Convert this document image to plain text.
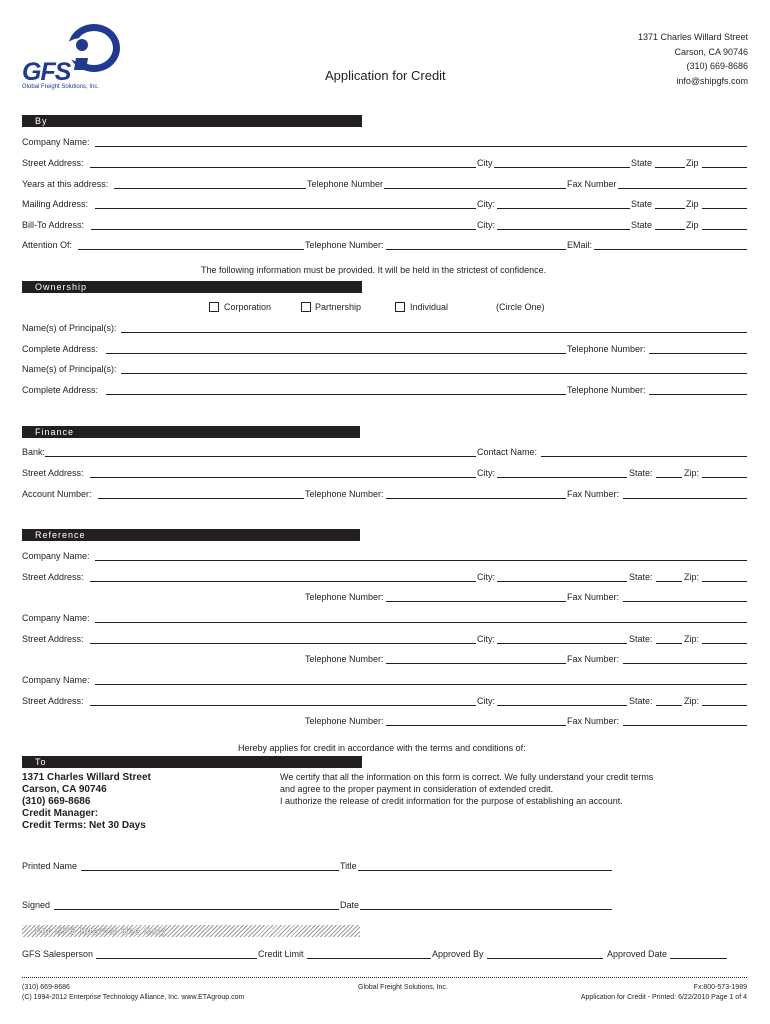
GFS
Global Freight Solutions, Inc.
Application for Credit
1371 Charles Willard Street
Carson, CA 90746
(310) 669-8686
info@shipgfs.com
By
Company Name:
Street Address:	City	State	Zip
Years at this address:	Telephone Number	Fax Number
Mailing Address:	City:	State	Zip
Bill-To Address:	City:	State	Zip
Attention Of:	Telephone Number:	EMail:
The following information must be provided. It will be held in the strictest of confidence.
Ownership
Corporation	Partnership	Individual	(Circle One)
Name(s) of Principal(s):
Complete Address:	Telephone Number:
Name(s) of Principal(s):
Complete Address:	Telephone Number:
Finance
Bank:	Contact Name:
Street Address:	City:	State:	Zip:
Account Number:	Telephone Number:	Fax Number:
Reference
Company Name:
Street Address:	City:	State:	Zip:
Telephone Number:	Fax Number:
Company Name:
Street Address:	City:	State:	Zip:
Telephone Number:	Fax Number:
Company Name:
Street Address:	City:	State:	Zip:
Telephone Number:	Fax Number:
Hereby applies for credit in accordance with the terms and conditions of:
To
1371 Charles Willard Street
Carson, CA 90746
(310) 669-8686
Credit Manager:
Credit Terms: Net 30 Days
We certify that all the information on this form is correct. We fully understand your credit terms
and agree to the proper payment in consideration of extended credit.
I authorize the release of credit information for the purpose of establishing an account.
Printed Name	Title
Signed	Date
For GFS Internal Use Only
GFS Salesperson	Credit Limit	Approved By	Approved Date
(310) 669-8686
(C) 1994-2012 Enterprise Technology Alliance, Inc. www.ETAgroup.com
Global Freight Solutions, Inc.	Fx:800-573-1989
Application for Credit - Printed: 6/22/2010 Page 1 of 4
